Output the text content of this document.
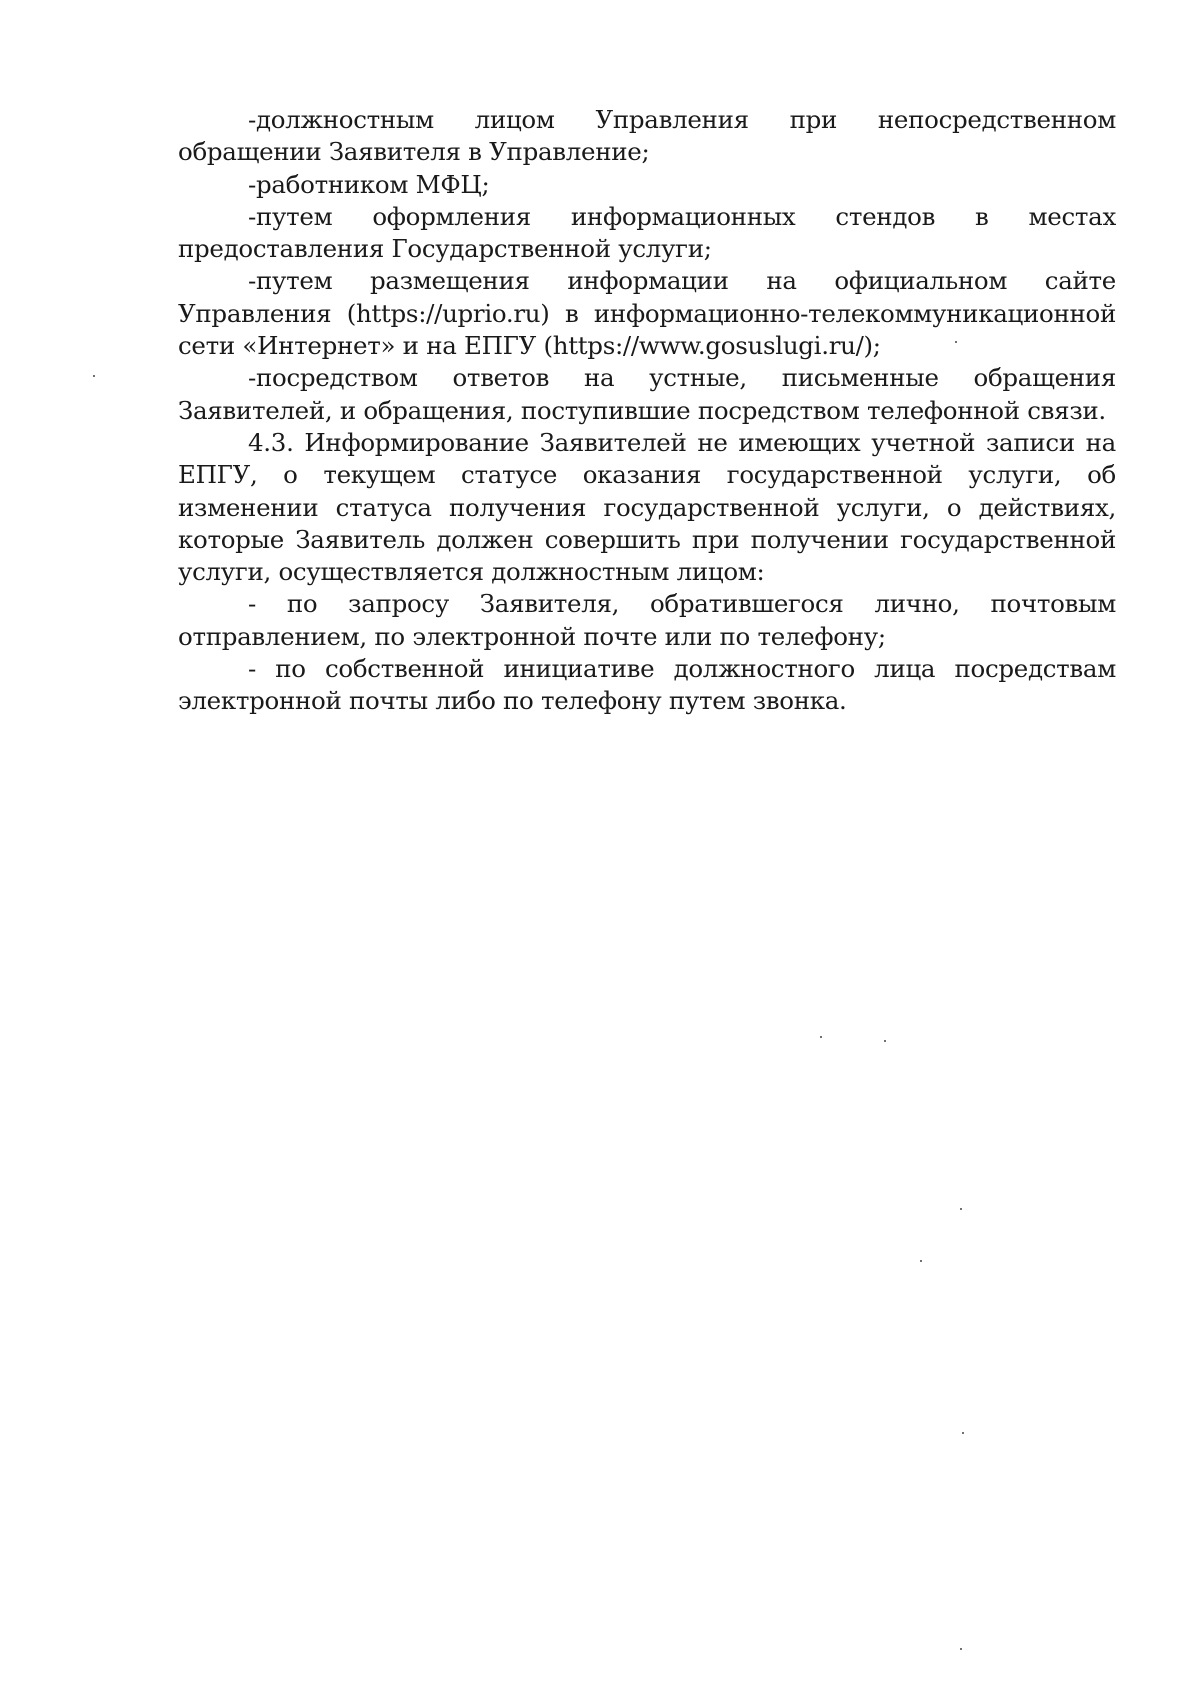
-должностным лицом Управления при непосредственном обращении Заявителя в Управление;

-работником МФЦ;

-путем оформления информационных стендов в местах предоставления Государственной услуги;

-путем размещения информации на официальном сайте Управления (https://uprio.ru) в информационно-телекоммуникационной сети «Интернет» и на ЕПГУ (https://www.gosuslugi.ru/);

-посредством ответов на устные, письменные обращения Заявителей, и обращения, поступившие посредством телефонной связи.

4.3. Информирование Заявителей не имеющих учетной записи на ЕПГУ, о текущем статусе оказания государственной услуги, об изменении статуса получения государственной услуги, о действиях, которые Заявитель должен совершить при получении государственной услуги, осуществляется должностным лицом:

- по запросу Заявителя, обратившегося лично, почтовым отправлением, по электронной почте или по телефону;

- по собственной инициативе должностного лица посредствам электронной почты либо по телефону путем звонка.
